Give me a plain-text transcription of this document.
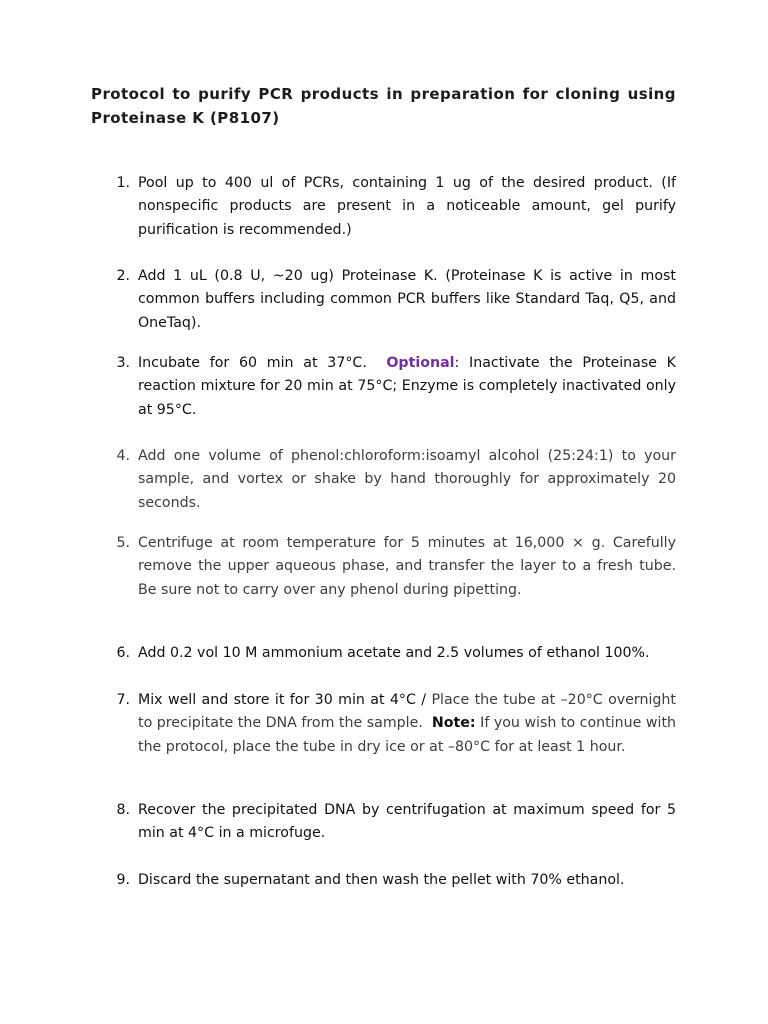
Protocol to purify PCR products in preparation for cloning using Proteinase K (P8107)
1. Pool up to 400 ul of PCRs, containing 1 ug of the desired product. (If nonspecific products are present in a noticeable amount, gel purify purification is recommended.)
2. Add 1 uL (0.8 U, ~20 ug) Proteinase K. (Proteinase K is active in most common buffers including common PCR buffers like Standard Taq, Q5, and OneTaq).
3. Incubate for 60 min at 37°C.  Optional: Inactivate the Proteinase K reaction mixture for 20 min at 75°C; Enzyme is completely inactivated only at 95°C.
4. Add one volume of phenol:chloroform:isoamyl alcohol (25:24:1) to your sample, and vortex or shake by hand thoroughly for approximately 20 seconds.
5. Centrifuge at room temperature for 5 minutes at 16,000 × g. Carefully remove the upper aqueous phase, and transfer the layer to a fresh tube. Be sure not to carry over any phenol during pipetting.
6. Add 0.2 vol 10 M ammonium acetate and 2.5 volumes of ethanol 100%.
7. Mix well and store it for 30 min at 4°C / Place the tube at –20°C overnight to precipitate the DNA from the sample.  Note: If you wish to continue with the protocol, place the tube in dry ice or at –80°C for at least 1 hour.
8. Recover the precipitated DNA by centrifugation at maximum speed for 5 min at 4°C in a microfuge.
9. Discard the supernatant and then wash the pellet with 70% ethanol.
